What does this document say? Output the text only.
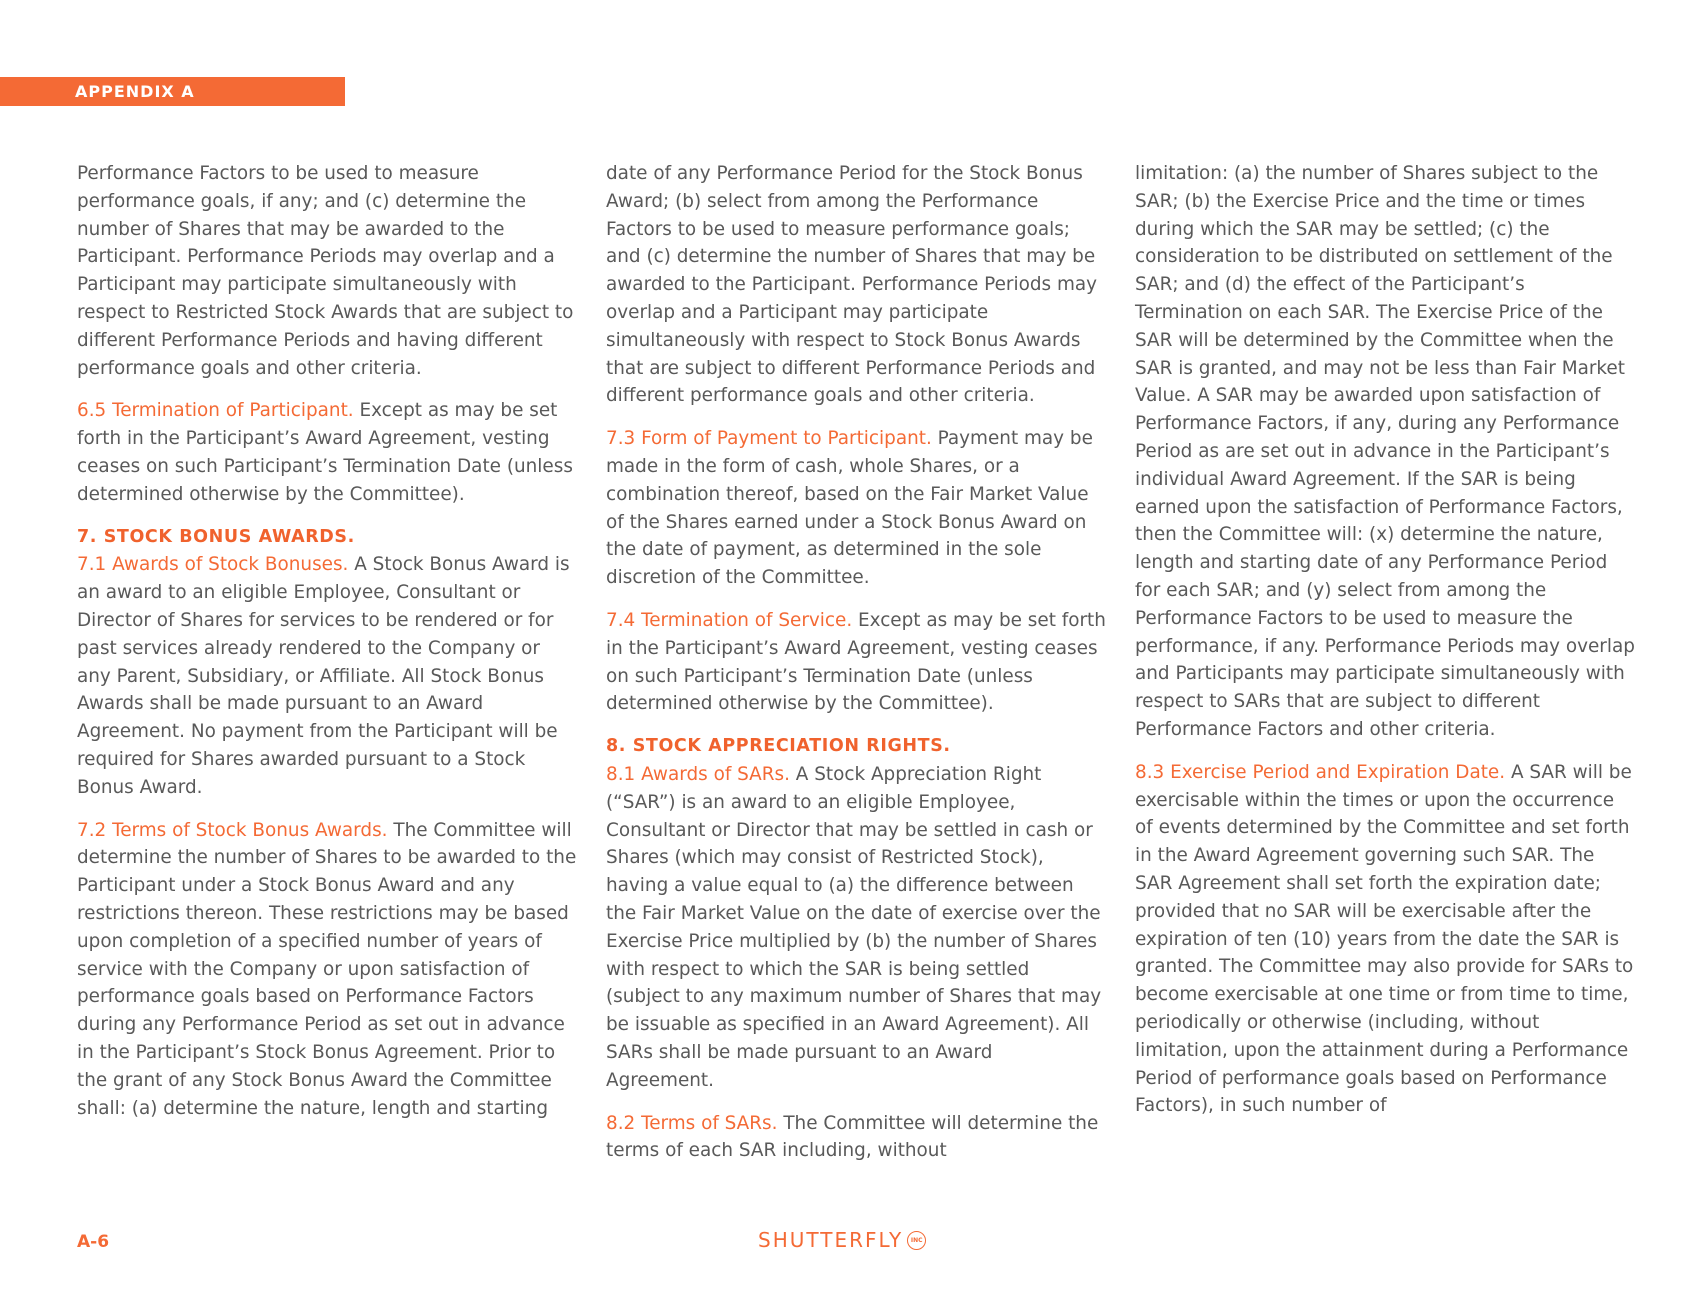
APPENDIX A

Performance Factors to be used to measure performance goals, if any; and (c) determine the number of Shares that may be awarded to the Participant. Performance Periods may overlap and a Participant may participate simultaneously with respect to Restricted Stock Awards that are subject to different Performance Periods and having different performance goals and other criteria.

6.5 Termination of Participant. Except as may be set forth in the Participant’s Award Agreement, vesting ceases on such Participant’s Termination Date (unless determined otherwise by the Committee).

7. STOCK BONUS AWARDS.

7.1 Awards of Stock Bonuses. A Stock Bonus Award is an award to an eligible Employee, Consultant or Director of Shares for services to be rendered or for past services already rendered to the Company or any Parent, Subsidiary, or Affiliate. All Stock Bonus Awards shall be made pursuant to an Award Agreement. No payment from the Participant will be required for Shares awarded pursuant to a Stock Bonus Award.

7.2 Terms of Stock Bonus Awards. The Committee will determine the number of Shares to be awarded to the Participant under a Stock Bonus Award and any restrictions thereon. These restrictions may be based upon completion of a specified number of years of service with the Company or upon satisfaction of performance goals based on Performance Factors during any Performance Period as set out in advance in the Participant’s Stock Bonus Agreement. Prior to the grant of any Stock Bonus Award the Committee shall: (a) determine the nature, length and starting

date of any Performance Period for the Stock Bonus Award; (b) select from among the Performance Factors to be used to measure performance goals; and (c) determine the number of Shares that may be awarded to the Participant. Performance Periods may overlap and a Participant may participate simultaneously with respect to Stock Bonus Awards that are subject to different Performance Periods and different performance goals and other criteria.

7.3 Form of Payment to Participant. Payment may be made in the form of cash, whole Shares, or a combination thereof, based on the Fair Market Value of the Shares earned under a Stock Bonus Award on the date of payment, as determined in the sole discretion of the Committee.

7.4 Termination of Service. Except as may be set forth in the Participant’s Award Agreement, vesting ceases on such Participant’s Termination Date (unless determined otherwise by the Committee).

8. STOCK APPRECIATION RIGHTS.

8.1 Awards of SARs. A Stock Appreciation Right (“SAR”) is an award to an eligible Employee, Consultant or Director that may be settled in cash or Shares (which may consist of Restricted Stock), having a value equal to (a) the difference between the Fair Market Value on the date of exercise over the Exercise Price multiplied by (b) the number of Shares with respect to which the SAR is being settled (subject to any maximum number of Shares that may be issuable as specified in an Award Agreement). All SARs shall be made pursuant to an Award Agreement.

8.2 Terms of SARs. The Committee will determine the terms of each SAR including, without

limitation: (a) the number of Shares subject to the SAR; (b) the Exercise Price and the time or times during which the SAR may be settled; (c) the consideration to be distributed on settlement of the SAR; and (d) the effect of the Participant’s Termination on each SAR. The Exercise Price of the SAR will be determined by the Committee when the SAR is granted, and may not be less than Fair Market Value. A SAR may be awarded upon satisfaction of Performance Factors, if any, during any Performance Period as are set out in advance in the Participant’s individual Award Agreement. If the SAR is being earned upon the satisfaction of Performance Factors, then the Committee will: (x) determine the nature, length and starting date of any Performance Period for each SAR; and (y) select from among the Performance Factors to be used to measure the performance, if any. Performance Periods may overlap and Participants may participate simultaneously with respect to SARs that are subject to different Performance Factors and other criteria.

8.3 Exercise Period and Expiration Date. A SAR will be exercisable within the times or upon the occurrence of events determined by the Committee and set forth in the Award Agreement governing such SAR. The SAR Agreement shall set forth the expiration date; provided that no SAR will be exercisable after the expiration of ten (10) years from the date the SAR is granted. The Committee may also provide for SARs to become exercisable at one time or from time to time, periodically or otherwise (including, without limitation, upon the attainment during a Performance Period of performance goals based on Performance Factors), in such number of

A-6	SHUTTERFLY	INC
